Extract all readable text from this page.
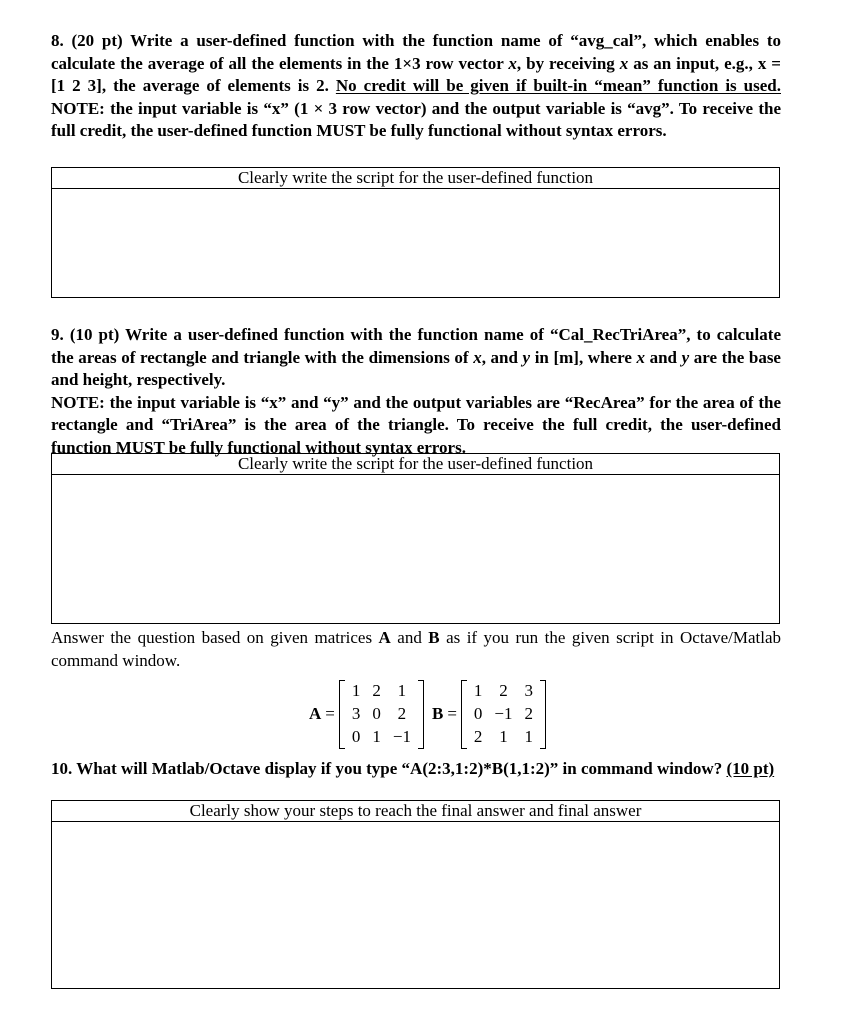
8. (20 pt) Write a user-defined function with the function name of “avg_cal”, which enables to calculate the average of all the elements in the 1×3 row vector x, by receiving x as an input, e.g., x = [1 2 3], the average of elements is 2. No credit will be given if built-in “mean” function is used. NOTE: the input variable is “x” (1 × 3 row vector) and the output variable is “avg”. To receive the full credit, the user-defined function MUST be fully functional without syntax errors.

Clearly write the script for the user-defined function

9. (10 pt) Write a user-defined function with the function name of “Cal_RecTriArea”, to calculate the areas of rectangle and triangle with the dimensions of x, and y in [m], where x and y are the base and height, respectively.
NOTE: the input variable is “x” and “y” and the output variables are “RecArea” for the area of the rectangle and “TriArea” is the area of the triangle. To receive the full credit, the user-defined function MUST be fully functional without syntax errors.

Clearly write the script for the user-defined function

Answer the question based on given matrices A and B as if you run the given script in Octave/Matlab command window.

A =
1	2	1
3	0	2
0	1	−1
B =
1	2	3
0	−1	2
2	1	1

10. What will Matlab/Octave display if you type “A(2:3,1:2)*B(1,1:2)” in command window? (10 pt)

Clearly show your steps to reach the final answer and final answer
